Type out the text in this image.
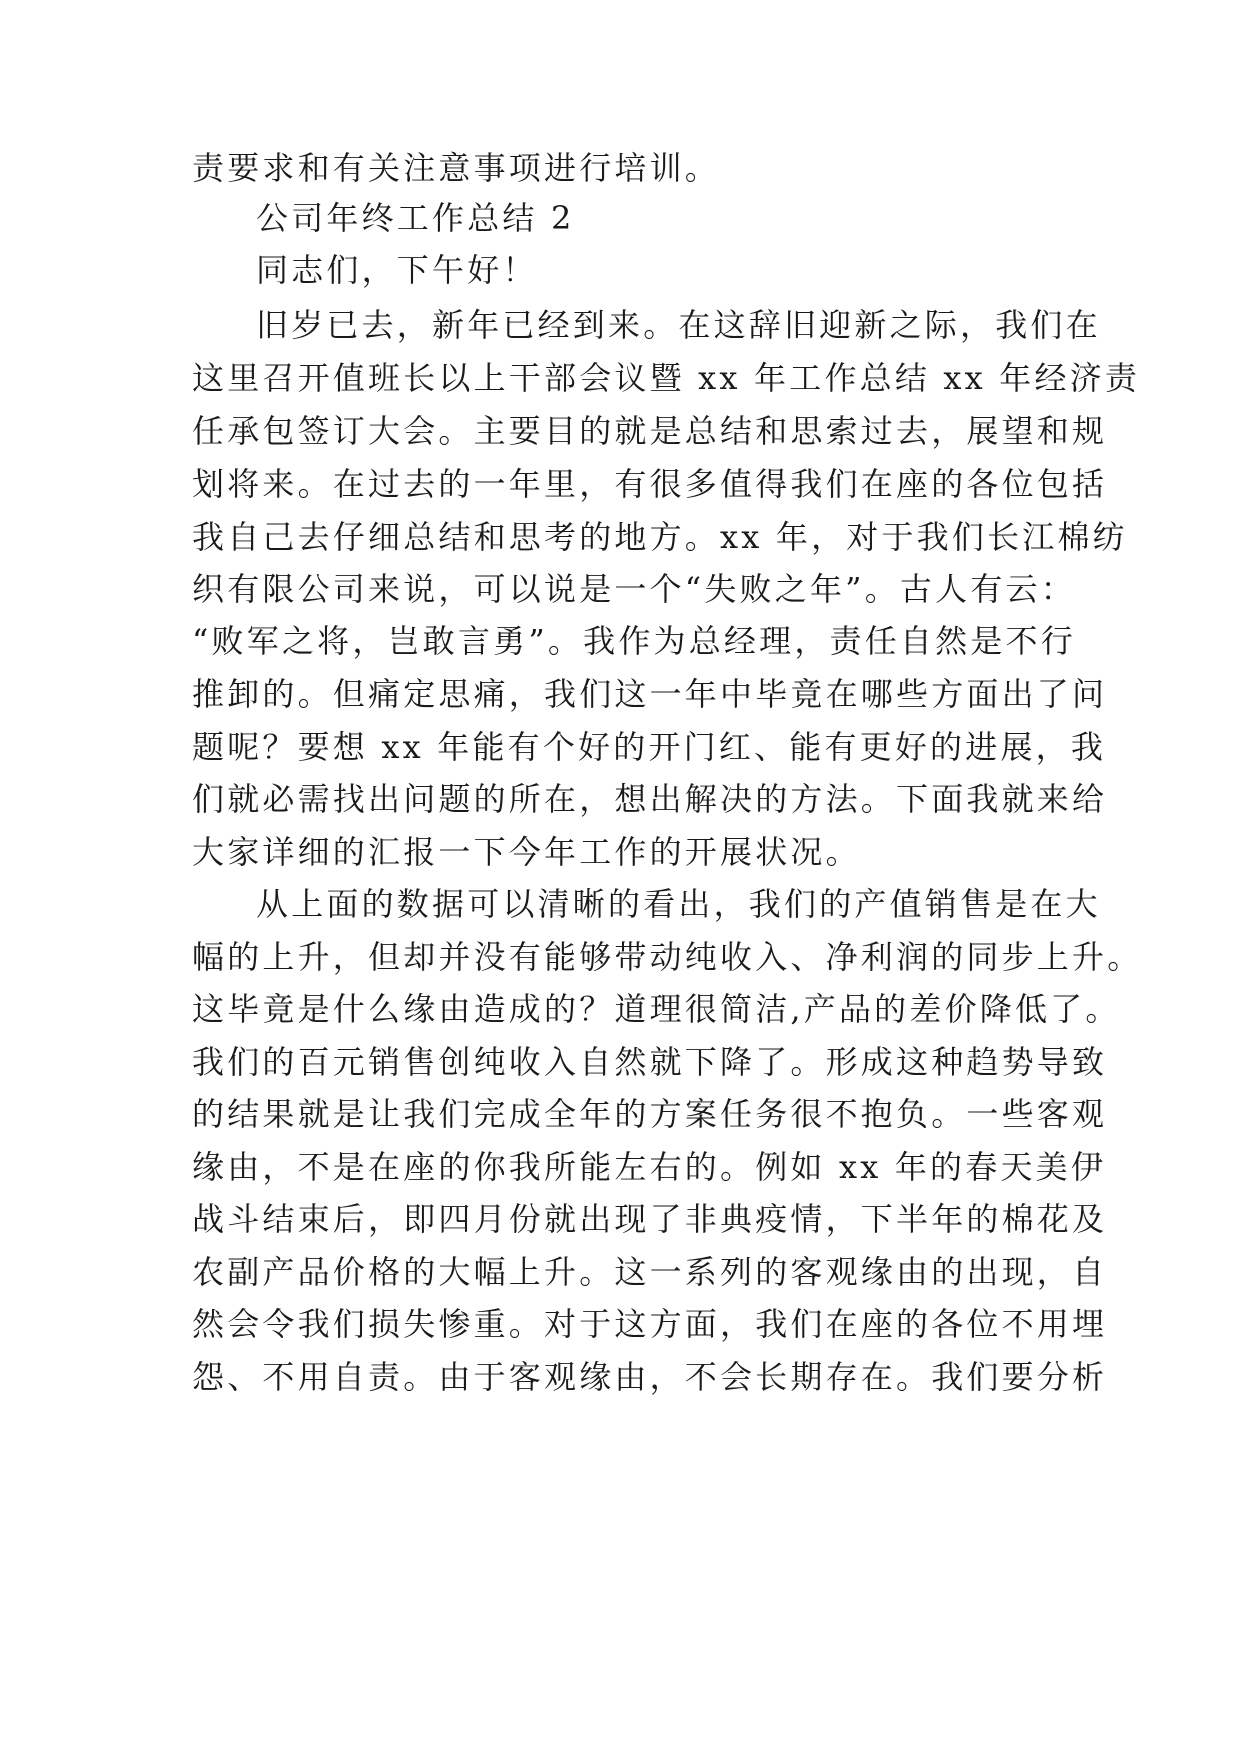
责要求和有关注意事项进行培训。
公司年终工作总结 2
同志们，下午好！
旧岁已去，新年已经到来。在这辞旧迎新之际，我们在
这里召开值班长以上干部会议暨 xx 年工作总结 xx 年经济责
任承包签订大会。主要目的就是总结和思索过去，展望和规
划将来。在过去的一年里，有很多值得我们在座的各位包括
我自己去仔细总结和思考的地方。xx 年，对于我们长江棉纺
织有限公司来说，可以说是一个“失败之年”。古人有云：
“败军之将，岂敢言勇”。我作为总经理，责任自然是不行
推卸的。但痛定思痛，我们这一年中毕竟在哪些方面出了问
题呢？要想 xx 年能有个好的开门红、能有更好的进展，我
们就必需找出问题的所在，想出解决的方法。下面我就来给
大家详细的汇报一下今年工作的开展状况。
从上面的数据可以清晰的看出，我们的产值销售是在大
幅的上升，但却并没有能够带动纯收入、净利润的同步上升。
这毕竟是什么缘由造成的？道理很简洁,产品的差价降低了。
我们的百元销售创纯收入自然就下降了。形成这种趋势导致
的结果就是让我们完成全年的方案任务很不抱负。一些客观
缘由，不是在座的你我所能左右的。例如 xx 年的春天美伊
战斗结束后，即四月份就出现了非典疫情，下半年的棉花及
农副产品价格的大幅上升。这一系列的客观缘由的出现，自
然会令我们损失惨重。对于这方面，我们在座的各位不用埋
怨、不用自责。由于客观缘由，不会长期存在。我们要分析
